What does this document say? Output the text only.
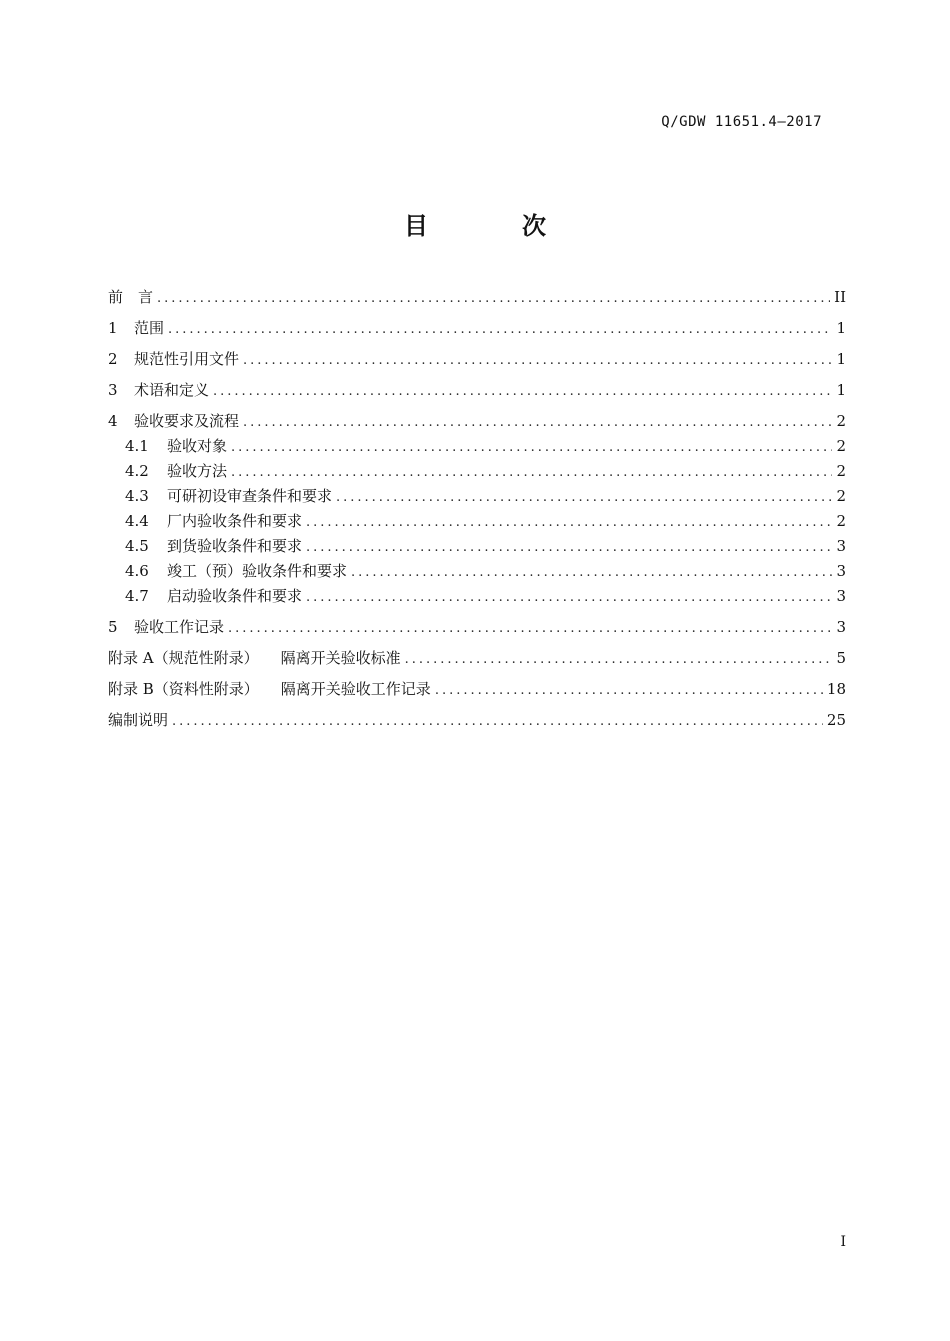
Q/GDW 11651.4—2017
目	次
前　言 .....	II
1	范围 .....	1
2	规范性引用文件 .....	1
3	术语和定义 .....	1
4	验收要求及流程 .....	2
4.1	验收对象 .....	2
4.2	验收方法 .....	2
4.3	可研初设审查条件和要求 .....	2
4.4	厂内验收条件和要求 .....	2
4.5	到货验收条件和要求 .....	3
4.6	竣工（预）验收条件和要求 .....	3
4.7	启动验收条件和要求 .....	3
5	验收工作记录 .....	3
附录 A（规范性附录） 隔离开关验收标准 .....	5
附录 B（资料性附录） 隔离开关验收工作记录 .....	18
编制说明 .....	25
I
